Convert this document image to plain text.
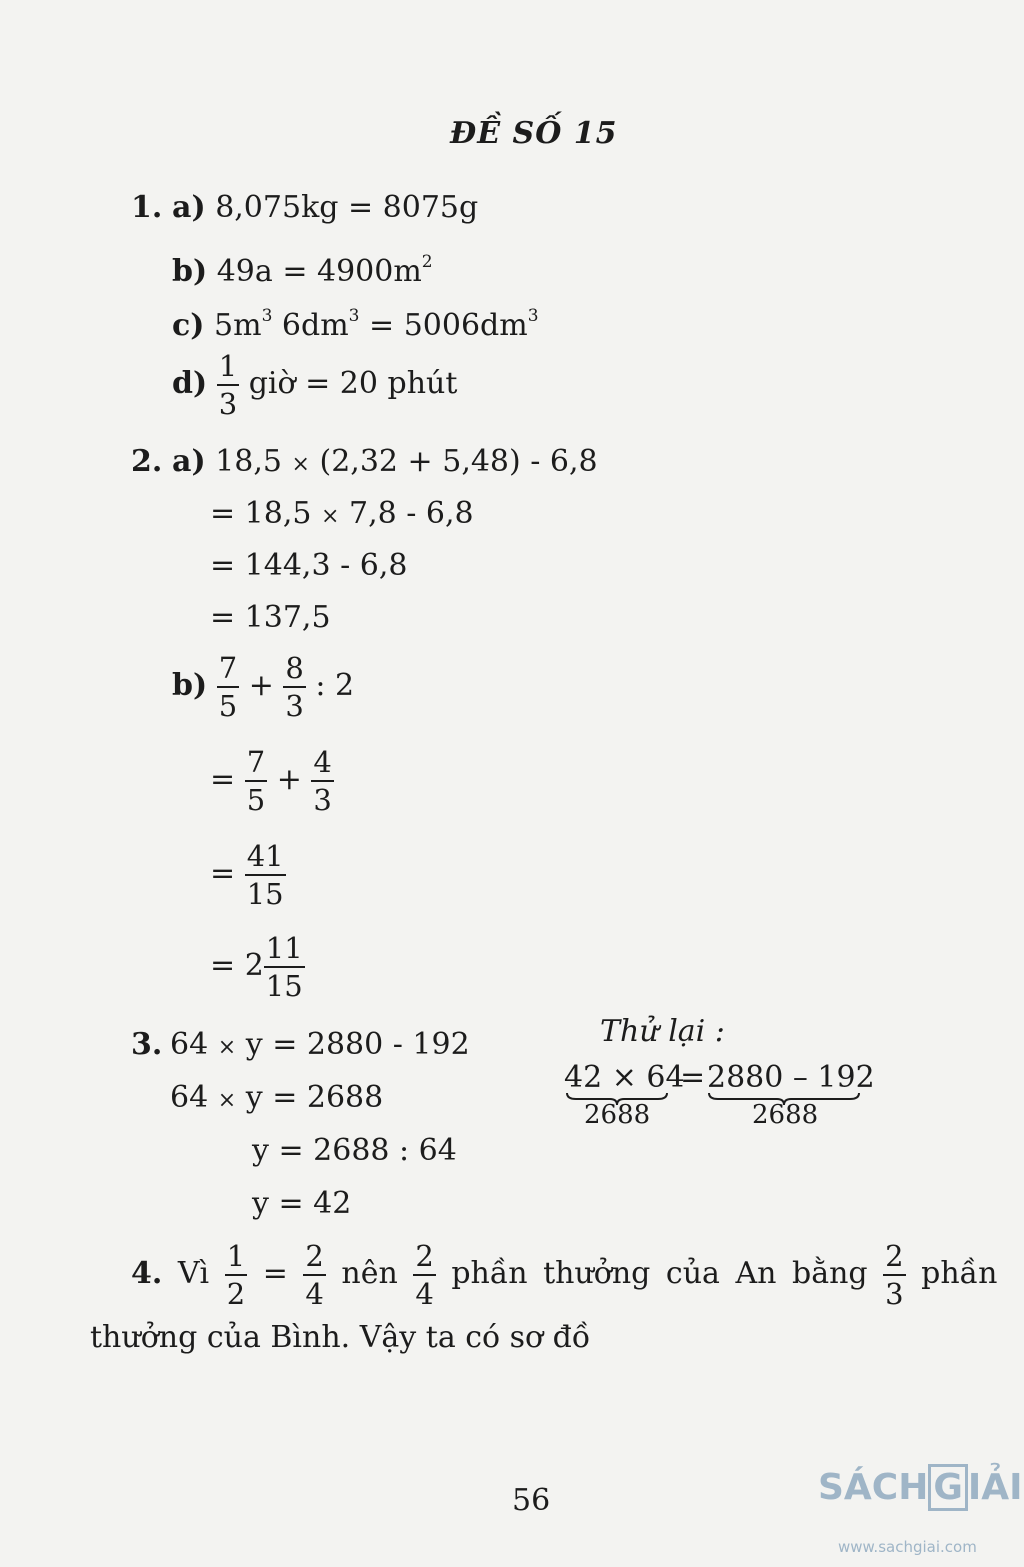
ĐỀ SỐ 15
1. a) 8,075kg = 8075g
b) $49a = 4900m^2$
c) $5m^3$ $6dm^3 = 5006dm^3$
$d) \frac{1}{3}$ giờ = 20 phút
2. a) 18,5 × (2,32 + 5,48) - 6,8
= 18,5 × 7,8 - 6,8
= 144,3 - 6,8
= 137,5
$b) \frac{7}{5} + \frac{8}{3}$ : 2
= $\frac{7}{5} + \frac{4}{3}$
= $\frac{41}{15}$
= $2 \frac{11}{15}$
3. 64 × y = 2880 - 192
64 × y = 2688
y = 2688 : 64
y = 42
Thử lại :
42 × 64
= 2880 – 192
2688	2688
4. Vì $\frac{1}{2} = \frac{2}{4}$ nên $\frac{2}{4}$ phần thưởng của An bằng $\frac{2}{3}$ phần
thưởng của Bình. Vậy ta có sơ đồ
56	SÁCH G IẢI
www.sachgiai.com
